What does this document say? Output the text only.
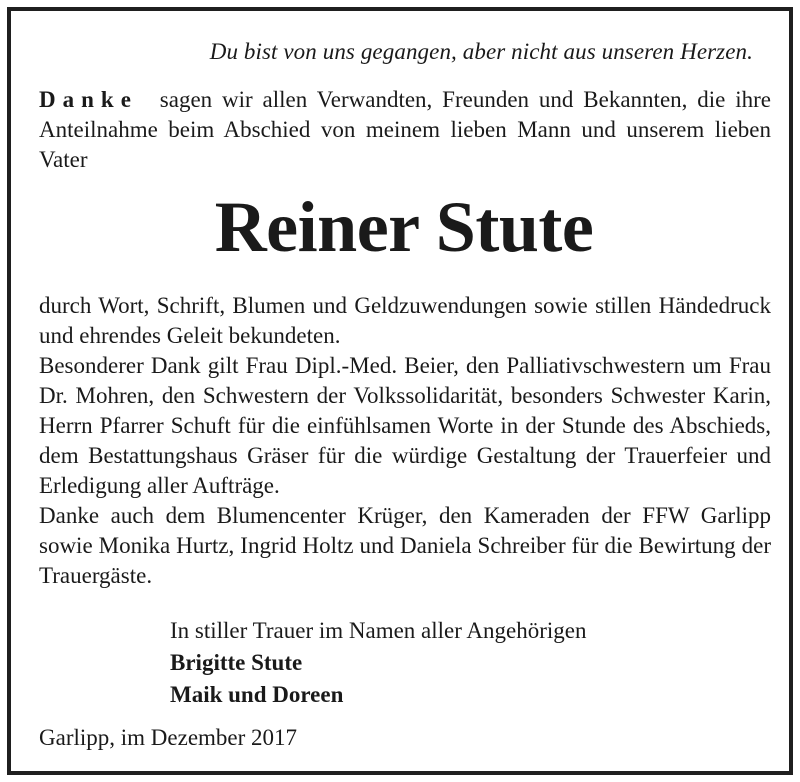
Du bist von uns gegangen, aber nicht aus unseren Herzen.
Danke sagen wir allen Verwandten, Freunden und Bekannten, die ihre Anteilnahme beim Abschied von meinem lieben Mann und unserem lieben Vater
Reiner Stute

durch Wort, Schrift, Blumen und Geldzuwendungen sowie stillen Händedruck und ehrendes Geleit bekundeten.

Besonderer Dank gilt Frau Dipl.-Med. Beier, den Palliativschwestern um Frau Dr. Mohren, den Schwestern der Volkssolidarität, besonders Schwester Karin, Herrn Pfarrer Schuft für die einfühlsamen Worte in der Stunde des Abschieds, dem Bestattungshaus Gräser für die würdige Gestaltung der Trauerfeier und Erledigung aller Aufträge.

Danke auch dem Blumencenter Krüger, den Kameraden der FFW Garlipp sowie Monika Hurtz, Ingrid Holtz und Daniela Schreiber für die Bewirtung der Trauergäste.

In stiller Trauer im Namen aller Angehörigen
Brigitte Stute
Maik und Doreen
Garlipp, im Dezember 2017
